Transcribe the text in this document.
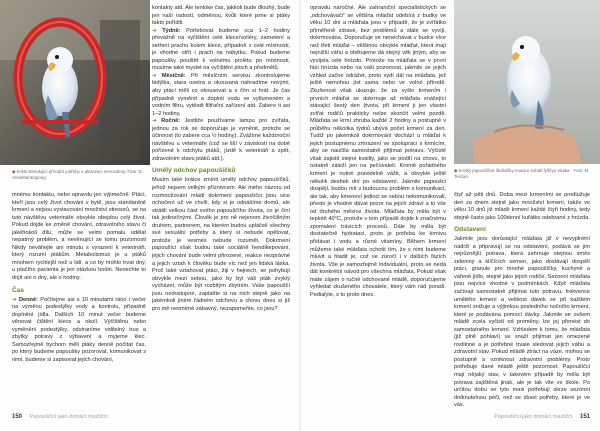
◆ Krátk stimulující přírodní potřeby u aktivizaci nenuzdeny. Foto: D. Anantharampong

mnému kontaktu, nebo opravdu jen výjimečně. Ptáci, kteří jsou celý život chováni v bytě, jsou standardně krmení a nejsou vystavování množství stresorů, se na tuto návštěvu veterináře obvykle obejdou celý život. Pokud dojde ke změně chování, zdravotního stavu či jakéhokoli dílu, může se velmi pomalu udělat nepatrný problém, a nevěnující se tomu pozornosti Nikdy neváhejte ani minutu s vyrazení k veterináři, který rozumí ptákům. Metabolismus je u ptáků mnohem rychlejší než u lidí, a co by mohlo trvat dny, u ptačího pacienta je jen otázkou hodin. Nenechte to dojít ani o dny, ale o hodiny.

Čas

➔ Denně: Počítejme asi s 10 minutami ráno i večer na výměnu podestýlky vody a kontrolu, případně doplnění jídla. Dalších 10 minut večer budeme věnovat čištění klece a okolí. Výčištěnu nebo vyměnění podestýlky, odstraníme viditelný trus a zbytky potravy z výbavení a myjeme klec. Samozřejmě bychom měli ptáky denně počítat čas, po který budeme papoušky pozorovat, komunikovat s nimi, budeme si zapisovat jejich chování,

kontakty atd. Ale tentoke čas, jakkoli bude dlouhý, bude jen naší radostí, odměnou, kvůli které jsme si ptáky takto pořídili.

➔ Týdně: Potřebovat budeme cca 1–2 hodiny převážně na vyčištění celé klece/voliéry, zametení a setření prachu kolem klece, případně v celé místnosti, je vhodné otřít i prach na nábytku. Pokud budeme papoušky pouštět k volnému prolétu po místnosti, musíme také myslet na vyčištění ploch a předmětů.

➔ Měsíčně: Při měsíčním servisu zkontrolujeme bidýlka, stara osetra a okousaná nahradíme novými, aby ptácí měli co okousovat a s čím si hrát. Je čas případně vyměnit a doplnit vodu ve vytlumeném a vodním filtru, vytěstit filtřační zařízení atd. Zabere ti asi 1–2 hodiny.

➔ Ročně: Jestliže používáme lampu pro zvířata, jednou za rok se doporučuje je vyměnit, protože se účinnost (to zabere cca ½ hodiny). Zvážíme každoroční návštěvu u veterináře (což se liší v závislosti na době pořízené k odchytu ptáků, jízdě k veterináři a zpět, zdravotním stavu ptáků atd.).

Umělý odchov papoušíčků

Musím také krátce zmínit umělý odchov papoušíčků, jehož nejsem velkým příznivcem. Ale mého názoru od rozmnožování mladí dokrmení papoušíčci jsou sice ochočení už ve chvíli, kdy si je odnášíme domů, ale strátili velkou část svého papouščího života, co je činí tak jedinečnými. Člověk je pro ně nejenom živočišným druhem, partnerem, na kterém budou upláčeli všechny své sexuální potřeby a který si nebude opětovat, protože je vesmés nebude rozumět. Dokrmení papoušíci však budou také sociálně hendikepovaní, jejich chování bude velmi přirozené, reakce nesprávné a jejich vztah k člověku bude víc než jen lidská láska. Proč také vztahovat ptáci, žijí v hejnech, se pohybují obvykle mezi sebou, jako by byl váš pták zvyklý vycházet, může být rozbitým zbytním. Vaše papouščí jsou nedostupné, zaplatíte si na nich stejně jako na jakémkoli jiném řádném odchovu a chovu dnes si již pro mě nesmírně zábavný, nezapomeňte, co jsou?

150 Papoušíčci jako domácí mazlíčci

opravdu náročné. Ale zahraniční specialistických se „odchovávači“ se většina mláďat odebírá z budky ve věku 10 dní a mláďata jsou v případě, že je zvířátko přiměřeně zdravé, bez problémů a stále se vyvíjí, dokrmována. Doporučuje se nenechávat v budce více než třetí mláďat – většinou obvykle mláďat, která mají nejnižší váhu a obětujeme dá stejný věk jiným, aby se vyvíjela celé hnízdo. Protože na mláďata se v první fázi hnízda nebo na vaši pozornost, jakmile se jejich vzhled začne odrážet, proto vydí dál na mláďata, jež ještě nemohou jíst sama nebo ve volné přírodě. Zkušenost však ukazuje, že za vyšlo krmením i prvních mláďat se dokrmuje až mláďata snášející stávající šestý den života, při krmení ji jen vlastní zvířat rodičů prakticky nelze skončit velmi pozdě. Mláďata se krmí zhruba každé 2 hodiny a postupně v průběhu několika týdnů ubývá počet krmení za den. Tudíž po jakémkoli dokrmování dochází u mláďat k jejich postupnému zmrazení ve spolupráci s krmícím, aby se naučila samostatně přijímat potravu. Výčisté však zajistit stejné kvality, jako se podílí na chovu, to ostatně záleží jen na pečovateli. Kromě pořádného krmení je nutné pravidelně vážit, a obvykle ještě několik desítek dní po odstavení. Jakmile papoušci dospějí, budou mít v budoucnu problém s komunikací, ale tak, aby kmenoví jedinci se sebou nekomunikovali, přesto je vhodné dávat pozor na jejich zdraví a to vše od druhého měsíce života. Mláďata by měla být v teplotě 40°C, protože v tom případě dojde k značnému zpomalení trávicích procesů. Dále by měla být dostatečně hydrataci, proto je potřeba ke krmivu přidávat i vodu a různé vitamíny. Během krmení můžeme také mláďata ochotit tím, že s nimi budeme mluvit a hladit je, což se zúročí i v dalších fázích života. Vše je samozřejmě individuální, proto se nedá dát konkrétní návod pro všechna mláďata. Pokud však máte zájem o ručně odchované mládě, doporučujeme vyhledat zkušeného chovatele, který vám rád poradí. Pedialyte, s to proto dnes.

◆ Krotký papoušíček škálofilky mutace kobalt fyšítyo straka · Foto: M. Tesčan

čtyř až pěti dnů. Doba mezi krmeními se prodlužuje den za dnem stejně jako množství krmení, takže ve věku 10 dnů již mládě krmení každé čtyři hodiny, tedy stejně často jako 100denní kuřátko odebrané z hnízda.

Odstavení

Jakmile jsou dorůstající mláďata již v nevyplnění nádrží a připravují se na odstavení, podává se jim nejrůznější potrava, která zahrnuje stejnou směs zeleniny a klíčících semen, jako dostávají dospělí ptáci, granule pro mnohé papoušíčky, kuchyně a vařené jídlo, stejně jako jejich rodiče. Sezonní mláďata jsou nejvíce vhodné v podmínkách. Když mláďata začínají samostatně přijímat tuto potravu, frekvence umělého krmení a velikost dávek se při každém krmení snižuje a výjimkou posledního nočního krmení, které je podávána pomocí dávky. Jakmile se ovšem mládě zcela vyčistí od proměny, lze jej přenést do samostatného krmení. Vzhledem k tomu, že mláďata (již plně pohlaví) se snaží přijímat jen omezené rostlinné a je potřebné trvale sledovat jejich váhu a zdravotní stav. Pokud mládě ztrácí na váze, mohou se postupně a vzniknout zdravotní problémy. Proto potřebuje dané mládě ještě pozornost. Papoušíčci mají nějaký stav, v takovém případě by měla být potrava zajištěná jinak, ale je tak vše ve škole. Po určitou dobu se tyto maxi potřebují skrze sezónní dotknutelnou péči, než se zbavi potřeby, které je ve vás.

Papoušíčci jako domácí mazlíčci 151
